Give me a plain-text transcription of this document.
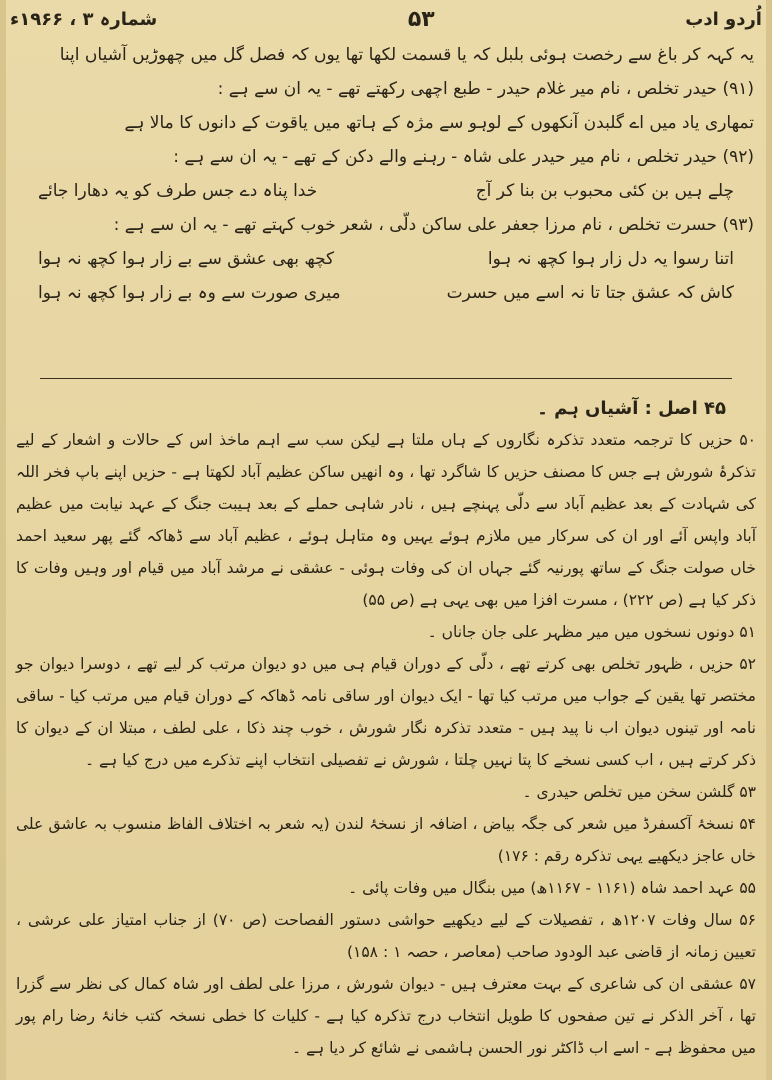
شمارہ ۳ ، ۱۹۶۶ء	۵۳	اُردو ادب
یہ کہہ کر باغ سے رخصت ہوئی بلبل کہ یا قسمت لکھا تھا یوں کہ فصل گل میں چھوڑیں آشیاں اپنا
(۹۱) حیدر تخلص ، نام میر غلام حیدر - طبع اچھی رکھتے تھے - یہ ان سے ہے :
تمھاری یاد میں اے گلبدن آنکھوں کے لوہو سے مژہ کے ہاتھ میں یاقوت کے دانوں کا مالا ہے
(۹۲) حیدر تخلص ، نام میر حیدر علی شاہ - رہنے والے دکن کے تھے - یہ ان سے ہے :
چلے ہیں بن کئی محبوب بن بنا کر آج
خدا پناہ دے جس طرف کو یہ دھارا جائے
(۹۳) حسرت تخلص ، نام مرزا جعفر علی ساکن دلّی ، شعر خوب کہتے تھے - یہ ان سے ہے :
اتنا رسوا یہ دل زار ہوا کچھ نہ ہوا
کچھ بھی عشق سے بے زار ہوا کچھ نہ ہوا
کاش کہ عشق جتا تا نہ اسے میں حسرت
میری صورت سے وہ بے زار ہوا کچھ نہ ہوا
۴۵ اصل : آشیاں ہم ۔

۵۰ حزیں کا ترجمہ متعدد تذکرہ نگاروں کے ہاں ملتا ہے لیکن سب سے اہم ماخذ اس کے حالات و اشعار کے لیے تذکرۂ شورش ہے جس کا مصنف حزیں کا شاگرد تھا ، وہ انھیں ساکن عظیم آباد لکھتا ہے - حزیں اپنے باپ فخر اللہ کی شہادت کے بعد عظیم آباد سے دلّی پہنچے ہیں ، نادر شاہی حملے کے بعد ہیبت جنگ کے عہد نیابت میں عظیم آباد واپس آئے اور ان کی سرکار میں ملازم ہوئے یہیں وہ متاہل ہوئے ، عظیم آباد سے ڈھاکہ گئے پھر سعید احمد خاں صولت جنگ کے ساتھ پورنیہ گئے جہاں ان کی وفات ہوئی - عشقی نے مرشد آباد میں قیام اور وہیں وفات کا ذکر کیا ہے (ص ۲۲۲) ، مسرت افزا میں بھی یہی ہے (ص ۵۵)

۵۱ دونوں نسخوں میں میر مظہر علی جان جاناں ۔

۵۲ حزیں ، ظہور تخلص بھی کرتے تھے ، دلّی کے دوران قیام ہی میں دو دیوان مرتب کر لیے تھے ، دوسرا دیوان جو مختصر تھا یقین کے جواب میں مرتب کیا تھا - ایک دیوان اور ساقی نامہ ڈھاکہ کے دوران قیام میں مرتب کیا - ساقی نامہ اور تینوں دیوان اب نا پید ہیں - متعدد تذکرہ نگار شورش ، خوب چند ذکا ، علی لطف ، مبتلا ان کے دیوان کا ذکر کرتے ہیں ، اب کسی نسخے کا پتا نہیں چلتا ، شورش نے تفصیلی انتخاب اپنے تذکرے میں درج کیا ہے ۔

۵۳ گلشن سخن میں تخلص حیدری ۔

۵۴ نسخۂ آکسفرڈ میں شعر کی جگہ بیاض ، اضافہ از نسخۂ لندن (یہ شعر بہ اختلاف الفاظ منسوب بہ عاشق علی خاں عاجز دیکھیے یہی تذکرہ رقم : ۱۷۶)

۵۵ عہد احمد شاہ (۱۱۶۱ - ۱۱۶۷ھ) میں بنگال میں وفات پائی ۔

۵۶ سال وفات ۱۲۰۷ھ ، تفصیلات کے لیے دیکھیے حواشی دستور الفصاحت (ص ۷۰) از جناب امتیاز علی عرشی ، تعیین زمانہ از قاضی عبد الودود صاحب (معاصر ، حصہ ۱ : ۱۵۸)

۵۷ عشقی ان کی شاعری کے بہت معترف ہیں - دیوان شورش ، مرزا علی لطف اور شاہ کمال کی نظر سے گزرا تھا ، آخر الذکر نے تین صفحوں کا طویل انتخاب درج تذکرہ کیا ہے - کلیات کا خطی نسخہ کتب خانۂ رضا رام پور میں محفوظ ہے - اسے اب ڈاکٹر نور الحسن ہاشمی نے شائع کر دیا ہے ۔
